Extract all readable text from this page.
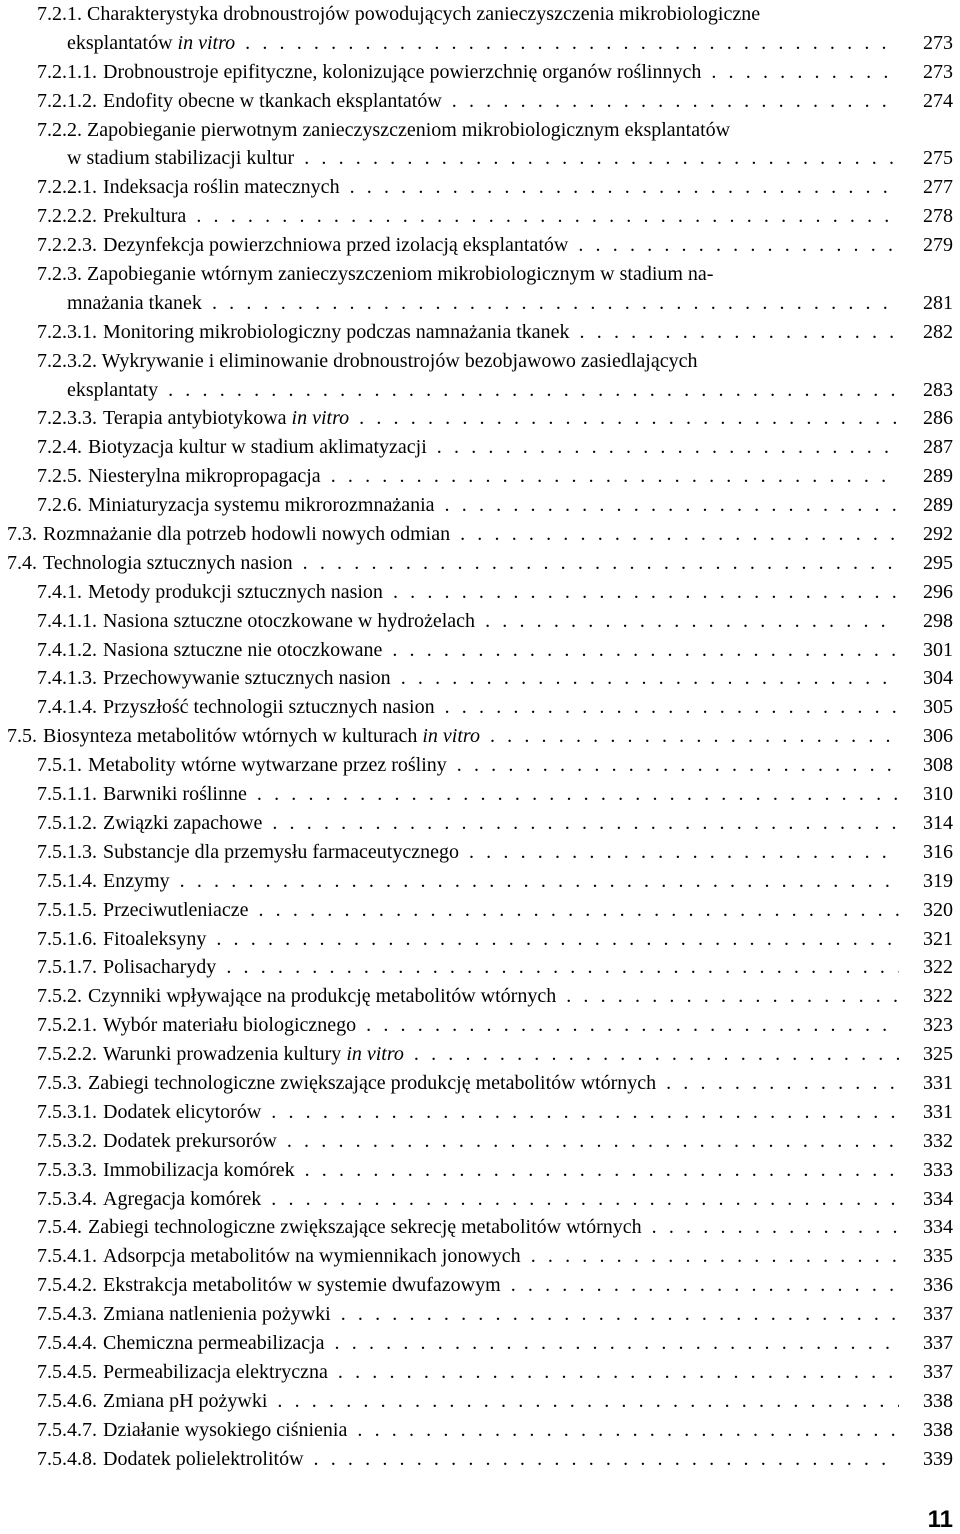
7.2.1. Charakterystyka drobnoustrojów powodujących zanieczyszczenia mikrobiologiczne
eksplantatów in vitro . . .	273
7.2.1.1. Drobnoustroje epifityczne, kolonizujące powierzchnię organów roślinnych . . .	273
7.2.1.2. Endofity obecne w tkankach eksplantatów . . .	274
7.2.2. Zapobieganie pierwotnym zanieczyszczeniom mikrobiologicznym eksplantatów
w stadium stabilizacji kultur . . .	275
7.2.2.1. Indeksacja roślin matecznych . . .	277
7.2.2.2. Prekultura . . .	278
7.2.2.3. Dezynfekcja powierzchniowa przed izolacją eksplantatów . . .	279
7.2.3. Zapobieganie wtórnym zanieczyszczeniom mikrobiologicznym w stadium na-
mnażania tkanek . . .	281
7.2.3.1. Monitoring mikrobiologiczny podczas namnażania tkanek . . .	282
7.2.3.2. Wykrywanie i eliminowanie drobnoustrojów bezobjawowo zasiedlających
eksplantaty . . .	283
7.2.3.3. Terapia antybiotykowa in vitro . . .	286
7.2.4. Biotyzacja kultur w stadium aklimatyzacji . . .	287
7.2.5. Niesterylna mikropropagacja . . .	289
7.2.6. Miniaturyzacja systemu mikrorozmnażania . . .	289
7.3. Rozmnażanie dla potrzeb hodowli nowych odmian . . .	292
7.4. Technologia sztucznych nasion . . .	295
7.4.1. Metody produkcji sztucznych nasion . . .	296
7.4.1.1. Nasiona sztuczne otoczkowane w hydrożelach . . .	298
7.4.1.2. Nasiona sztuczne nie otoczkowane . . .	301
7.4.1.3. Przechowywanie sztucznych nasion . . .	304
7.4.1.4. Przyszłość technologii sztucznych nasion . . .	305
7.5. Biosynteza metabolitów wtórnych w kulturach in vitro . . .	306
7.5.1. Metabolity wtórne wytwarzane przez rośliny . . .	308
7.5.1.1. Barwniki roślinne . . .	310
7.5.1.2. Związki zapachowe . . .	314
7.5.1.3. Substancje dla przemysłu farmaceutycznego . . .	316
7.5.1.4. Enzymy . . .	319
7.5.1.5. Przeciwutleniacze . . .	320
7.5.1.6. Fitoaleksyny . . .	321
7.5.1.7. Polisacharydy . . .	322
7.5.2. Czynniki wpływające na produkcję metabolitów wtórnych . . .	322
7.5.2.1. Wybór materiału biologicznego . . .	323
7.5.2.2. Warunki prowadzenia kultury in vitro . . .	325
7.5.3. Zabiegi technologiczne zwiększające produkcję metabolitów wtórnych . . .	331
7.5.3.1. Dodatek elicytorów . . .	331
7.5.3.2. Dodatek prekursorów . . .	332
7.5.3.3. Immobilizacja komórek . . .	333
7.5.3.4. Agregacja komórek . . .	334
7.5.4. Zabiegi technologiczne zwiększające sekrecję metabolitów wtórnych . . .	334
7.5.4.1. Adsorpcja metabolitów na wymiennikach jonowych . . .	335
7.5.4.2. Ekstrakcja metabolitów w systemie dwufazowym . . .	336
7.5.4.3. Zmiana natlenienia pożywki . . .	337
7.5.4.4. Chemiczna permeabilizacja . . .	337
7.5.4.5. Permeabilizacja elektryczna . . .	337
7.5.4.6. Zmiana pH pożywki . . .	338
7.5.4.7. Działanie wysokiego ciśnienia . . .	338
7.5.4.8. Dodatek polielektrolitów . . .	339
11
